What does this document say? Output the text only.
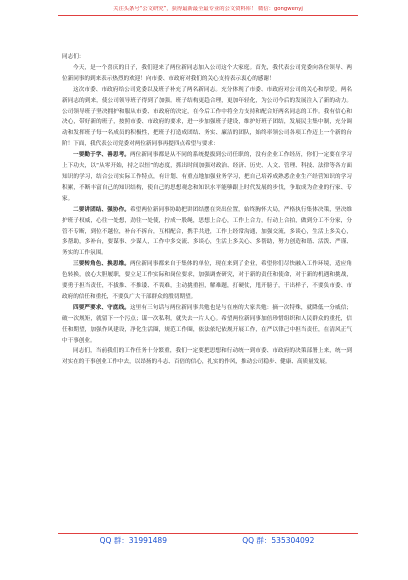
关注头条号“公文研究”，获得最新最全最专业的公文资料库！ 微信：gongwenyj

同志们：

今天，是一个喜庆的日子，我们迎来了两位新同志加入公司这个大家庭。首先，我代表公司党委向各位领导、两位新同事的到来表示热烈的欢迎！向市委、市政府对我们的关心支持表示衷心的感谢！

这次市委、市政府给公司党委以及班子补充了两名新同志。充分体现了市委、市政府对公司的关心和厚爱。两名新同志的到来，使公司领导班子得到了加强。班子结构更趋合理，更加年轻化，为公司今后的发展注入了新的动力。公司领导班子坚决拥护和服从市委、市政府的决定，在今后工作中将全力支持和配合好两名同志的工作。我有信心和决心，带好新的班子，按照市委、市政府的要求，进一步加强班子建设，维护好班子团结，发展民主集中制，充分调动和发挥班子每一名成员的积极性，把班子打造成团结、务实、廉洁的团队，始终率领公司各项工作迈上一个新的台阶！下面，我代表公司党委对两位新同事再提四点希望与要求：

一要勤于学、善思考。两位新同事都是从不同的系统提拔到公司任职的，没有企业工作经历，你们一定要在学习上下功夫，以“从零开始，持之以恒”的态度，抓出时间加强对政治、经济、历史、人文、管理、科技、法律等各方面知识的学习，结合公司实际工作特点，有计划、有重点地加强业务学习，把自己培养成熟悉企业生产经营知识的学习积累，不断丰富自己的知识结构，使自己的思想观念和知识水平能够跟上时代发展的步伐，争取成为企业的行家、专家。

二要讲团结、强协作。希望两位新同事协助把讲团结摆在突出位置，始终胸怀大局，严格执行集体决策，坚决维护班子权威，心往一处想，劲往一处使，拧成一股绳，思想上合心，工作上合力，行动上合拍，做到分工不分家，分管不专断，到位不越位，补台不拆台，互相配合，携手共进，工作上经常沟通，加强交流，多谈心，生活上多关心，多帮助，多补台，要谋事、少谋人，工作中多交流、多谈心，生活上多关心、多帮助，努力创造和谐、活泼、严谨、务实的工作氛围。

三要转角色、换思维。两位新同事都来自于集体的单位，现在来到了企业，希望你们尽快融入工作环境，适应角色转换，放心大胆履职，要立足工作实际和岗位要求，加强调查研究，对于新的责任和使命，对于新的机遇和挑战，要勇于担当责任，不拔推、不推诿、不畏难，主动挑重担，解难题，打硬仗，甩开膀子，干出样子，不要负市委、市政府的信任和重托，不要负广大干部群众的殷切期望。

四要严要求、守底线。这里有三句话与两位新同事共勉也是与在座的大家共勉：摘一次特殊，就降低一分威信；破一次规矩，就留下一个污点；谋一次私利，就失去一片人心。希望两位新同事加倍珍惜组织和人民群众的重托，信任和期望，加强作风建设，净化生活圈，规范工作圈，依法依纪依规开展工作，在严以律己中担当责任，在清风正气中干事创业。

同志们，当前我们的工作任务十分繁重，我们一定要把思想和行动统一到市委、市政府的决策部署上来，统一到对实在的干事创业工作中去，以昂扬的斗志、百倍的信心，扎实的作风，推动公司稳步、健康、高质量发展。

QQ 群：31991489	QQ 群：535304092
